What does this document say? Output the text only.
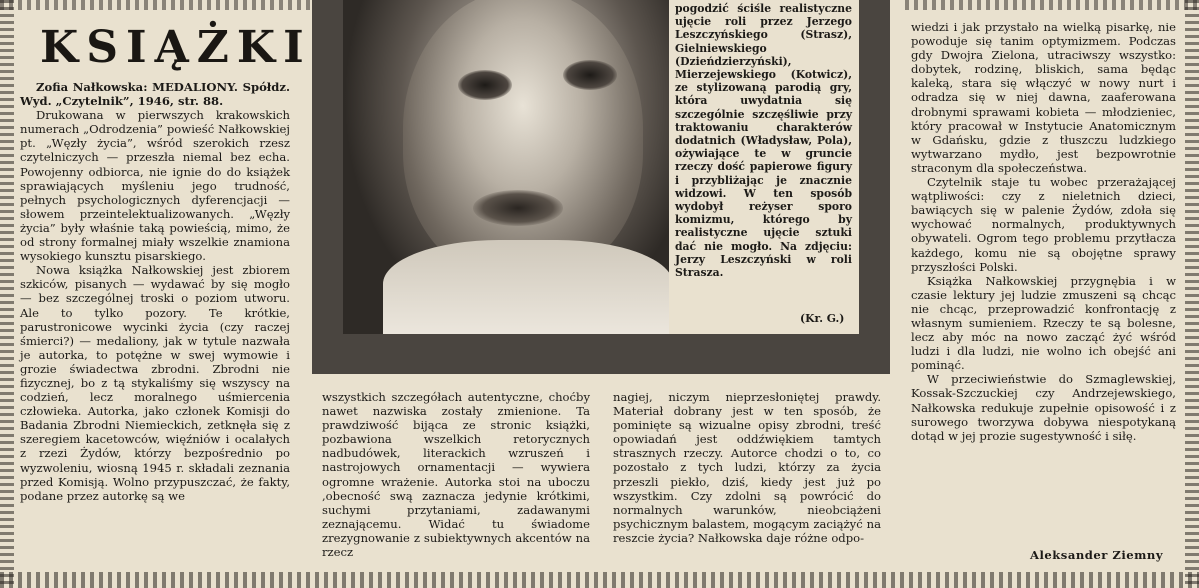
KSIĄŻKI

Zofia Nałkowska: MEDALIONY. Spółdz. Wyd. „Czytelnik”, 1946, str. 88.

Drukowana w pierwszych krakowskich numerach „Odrodzenia” powieść Nałkowskiej pt. „Węzły życia”, wśród szerokich rzesz czytelniczych — przeszła niemal bez echa. Powojenny odbiorca, nie ignie do do książek sprawiających myśleniu jego trudność, pełnych psychologicznych dyferencjacji — słowem przeintelektualizowanych. „Węzły życia” były właśnie taką powieścią, mimo, że od strony formalnej miały wszelkie znamiona wysokiego kunsztu pisarskiego.

Nowa książka Nałkowskiej jest zbiorem szkiców, pisanych — wydawać by się mogło — bez szczególnej troski o poziom utworu. Ale to tylko pozory. Te krótkie, parustronicowe wycinki życia (czy raczej śmierci?) — medaliony, jak w tytule nazwała je autorka, to potężne w swej wymowie i grozie świadectwa zbrodni. Zbrodni nie fizycznej, bo z tą stykaliśmy się wszyscy na codzień, lecz moralnego uśmiercenia człowieka. Autorka, jako członek Komisji do Badania Zbrodni Niemieckich, zetknęła się z szeregiem kacetowców, więźniów i ocalałych z rzezi Żydów, którzy bezpośrednio po wyzwoleniu, wiosną 1945 r. składali zeznania przed Komisją. Wolno przypuszczać, że fakty, podane przez autorkę są we

pogodzić ściśle realistyczne ujęcie roli przez Jerzego Leszczyńskiego (Strasz), Gielniewskiego (Dzieńdzierzyński), Mierzejewskiego (Kotwicz), ze stylizowaną parodią gry, która uwydatnia się szczególnie szczęśliwie przy traktowaniu charakterów dodatnich (Władysław, Pola), ożywiające te w gruncie rzeczy dość papierowe figury i przybliżając je znacznie widzowi. W ten sposób wydobył reżyser sporo komizmu, którego by realistyczne ujęcie sztuki dać nie mogło. Na zdjęciu: Jerzy Leszczyński w roli Strasza.
(Kr. G.)

wszystkich szczegółach autentyczne, choćby nawet nazwiska zostały zmienione. Ta prawdziwość bijąca ze stronic książki, pozbawiona wszelkich retorycznych nadbudówek, literackich wzruszeń i nastrojowych ornamentacji — wywiera ogromne wrażenie. Autorka stoi na uboczu ,obecność swą zaznacza jedynie krótkimi, suchymi przytaniami, zadawanymi zeznającemu. Widać tu świadome zrezygnowanie z subiektywnych akcentów na rzecz

nagiej, niczym nieprzesłoniętej prawdy. Materiał dobrany jest w ten sposób, że pominięte są wizualne opisy zbrodni, treść opowiadań jest oddźwiękiem tamtych strasznych rzeczy. Autorce chodzi o to, co pozostało z tych ludzi, którzy za życia przeszli piekło, dziś, kiedy jest już po wszystkim. Czy zdolni są powrócić do normalnych warunków, nieobciążeni psychicznym balastem, mogącym zaciążyć na reszcie życia? Nałkowska daje różne odpo-

wiedzi i jak przystało na wielką pisarkę, nie powoduje się tanim optymizmem. Podczas gdy Dwojra Zielona, utraciwszy wszystko: dobytek, rodzinę, bliskich, sama będąc kaleką, stara się włączyć w nowy nurt i odradza się w niej dawna, zaaferowana drobnymi sprawami kobieta — młodzieniec, który pracował w Instytucie Anatomicznym w Gdańsku, gdzie z tłuszczu ludzkiego wytwarzano mydło, jest bezpowrotnie straconym dla społeczeństwa.

Czytelnik staje tu wobec przerażającej wątpliwości: czy z nieletnich dzieci, bawiących się w palenie Żydów, zdoła się wychować normalnych, produktywnych obywateli. Ogrom tego problemu przytłacza każdego, komu nie są obojętne sprawy przyszłości Polski.

Książka Nałkowskiej przygnębia i w czasie lektury jej ludzie zmuszeni są chcąc nie chcąc, przeprowadzić konfrontację z własnym sumieniem. Rzeczy te są bolesne, lecz aby móc na nowo zacząć żyć wśród ludzi i dla ludzi, nie wolno ich obejść ani pominąć.

W przeciwieństwie do Szmaglewskiej, Kossak-Szczuckiej czy Andrzejewskiego, Nałkowska redukuje zupełnie opisowość i z surowego tworzywa dobywa niespotykaną dotąd w jej prozie sugestywność i siłę.

Aleksander Ziemny
